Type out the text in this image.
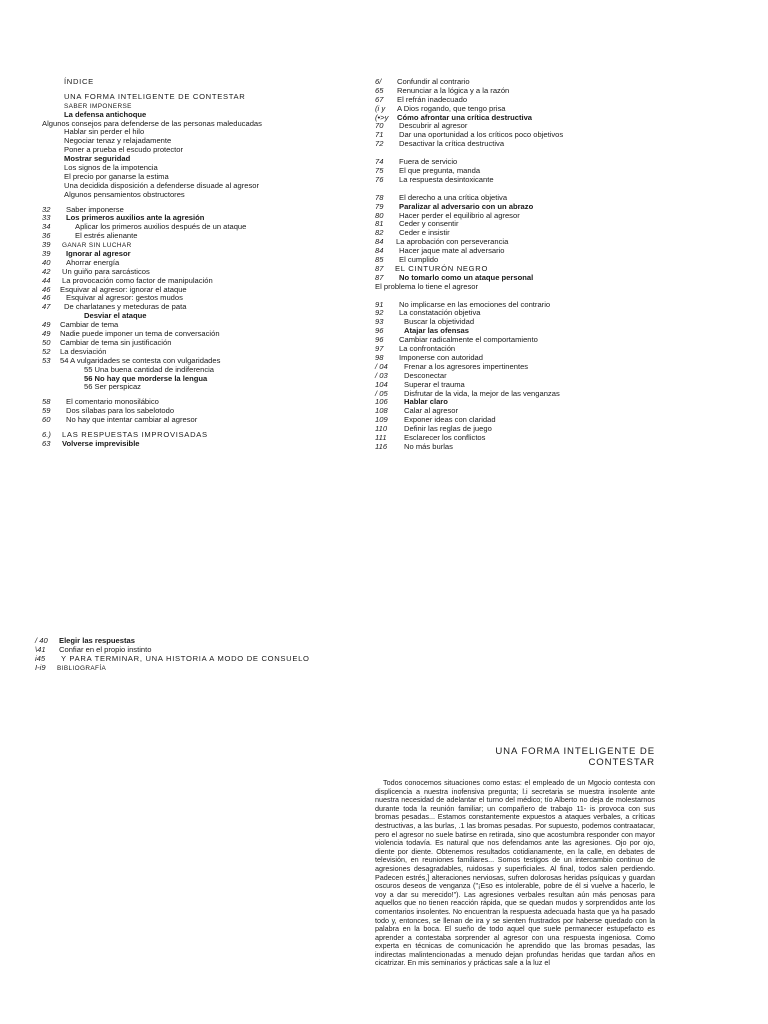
ÍNDICE
UNA FORMA INTELIGENTE DE CONTESTAR
SABER IMPONERSE
La defensa antichoque
Algunos consejos para defenderse de las personas maleducadas
Hablar sin perder el hilo
Negociar tenaz y relajadamente
Poner a prueba el escudo protector
Mostrar seguridad
Los signos de la impotencia
El precio por ganarse la estima
Una decidida disposición a defenderse disuade al agresor
Algunos pensamientos obstructores
32 Saber imponerse
33 Los primeros auxilios ante la agresión
34	Aplicar los primeros auxilios después de un ataque
36	El estrés alienante
39 GANAR SIN LUCHAR
39 Ignorar al agresor
40 Ahorrar energía
42 Un guiño para sarcásticos
44 La provocación como factor de manipulación
46 Esquivar al agresor: ignorar el ataque
46 Esquivar al agresor: gestos mudos
47 De charlatanes y meteduras de pata
Desviar el ataque
49 Cambiar de tema
49 Nadie puede imponer un tema de conversación
50 Cambiar de tema sin justificación
52 La desviación
53 54 A vulgaridades se contesta con vulgaridades
55 Una buena cantidad de indiferencia
56 No hay que morderse la lengua
56 Ser perspicaz
58 El comentario monosilábico
59 Dos sílabas para los sabelotodo
60 No hay que intentar cambiar al agresor
6.) LAS RESPUESTAS IMPROVISADAS
63 Volverse imprevisible
6/ Confundir al contrario
65 Renunciar a la lógica y a la razón
67 El refrán inadecuado
(i y A Dios rogando, que tengo prisa
(•>y Cómo afrontar una crítica destructiva
70 Descubrir al agresor
71 Dar una oportunidad a los críticos poco objetivos
72 Desactivar la crítica destructiva
74 Fuera de servicio
75 El que pregunta, manda
76 La respuesta desintoxicante
78 El derecho a una crítica objetiva
79 Paralizar al adversario con un abrazo
80 Hacer perder el equilibrio al agresor
81 Ceder y consentir
82 Ceder e insistir
84 La aprobación con perseverancia
84 Hacer jaque mate al adversario
85 El cumplido
87 EL CINTURÓN NEGRO
87 No tomarlo como un ataque personal
El problema lo tiene el agresor
91 No implicarse en las emociones del contrario
92 La constatación objetiva
93	Buscar la objetividad
96	Atajar las ofensas
96 Cambiar radicalmente el comportamiento
97 La confrontación
98 Imponerse con autoridad
/ 04 Frenar a los agresores impertinentes
/ 03 Desconectar
104 Superar el trauma
/ 05 Disfrutar de la vida, la mejor de las venganzas
106 Hablar claro
108 Calar al agresor
109 Exponer ideas con claridad
110 Definir las reglas de juego
111 Esclarecer los conflictos
116 No más burlas
/ 40 Elegir las respuestas
\41 Confiar en el propio instinto
i45 Y PARA TERMINAR, UNA HISTORIA A MODO DE CONSUELO
I-i9 BIBLIOGRAFÍA
UNA FORMA INTELIGENTE DE
CONTESTAR
Todos conocemos situaciones como estas: el empleado de un Mgocio contesta con displicencia a nuestra inofensiva pregunta; l.i secretaria se muestra insolente ante nuestra necesidad de adelantar el turno del médico; tío Alberto no deja de molestarnos durante toda la reunión familiar; un compañero de trabajo 11- is provoca con sus bromas pesadas... Estamos constantemente expuestos a ataques verbales, a críticas destructivas, a las burlas, .1 las bromas pesadas. Por supuesto, podemos contraatacar, pero el agresor no suele batirse en retirada, sino que acostumbra responder con mayor violencia todavía. Es natural que nos defendamos ante las agresiones. Ojo por ojo, diente por diente. Obtenemos resultados cotidianamente, en la calle, en debates de televisión, en reuniones familiares... Somos testigos de un intercambio continuo de agresiones desagradables, ruidosas y superficiales. Al final, todos salen perdiendo. Padecen estrés,] alteraciones nerviosas, sufren dolorosas heridas psíquicas y guardan oscuros deseos de venganza ("¡Eso es intolerable, pobre de él si vuelve a hacerlo, le voy a dar su merecido!"). Las agresiones verbales resultan aún más penosas para aquellos que no tienen reacción rápida, que se quedan mudos y sorprendidos ante los comentarios insolentes. No encuentran la respuesta adecuada hasta que ya ha pasado todo y, entonces, se llenan de ira y se sienten frustrados por haberse quedado con la palabra en la boca. El sueño de todo aquel que suele permanecer estupefacto es aprender a contestaba sorprender al agresor con una respuesta ingeniosa. Como experta en técnicas de comunicación he aprendido que las bromas pesadas, las indirectas malintencionadas a menudo dejan profundas heridas que tardan años en cicatrizar. En mis seminarios y prácticas sale a la luz el
